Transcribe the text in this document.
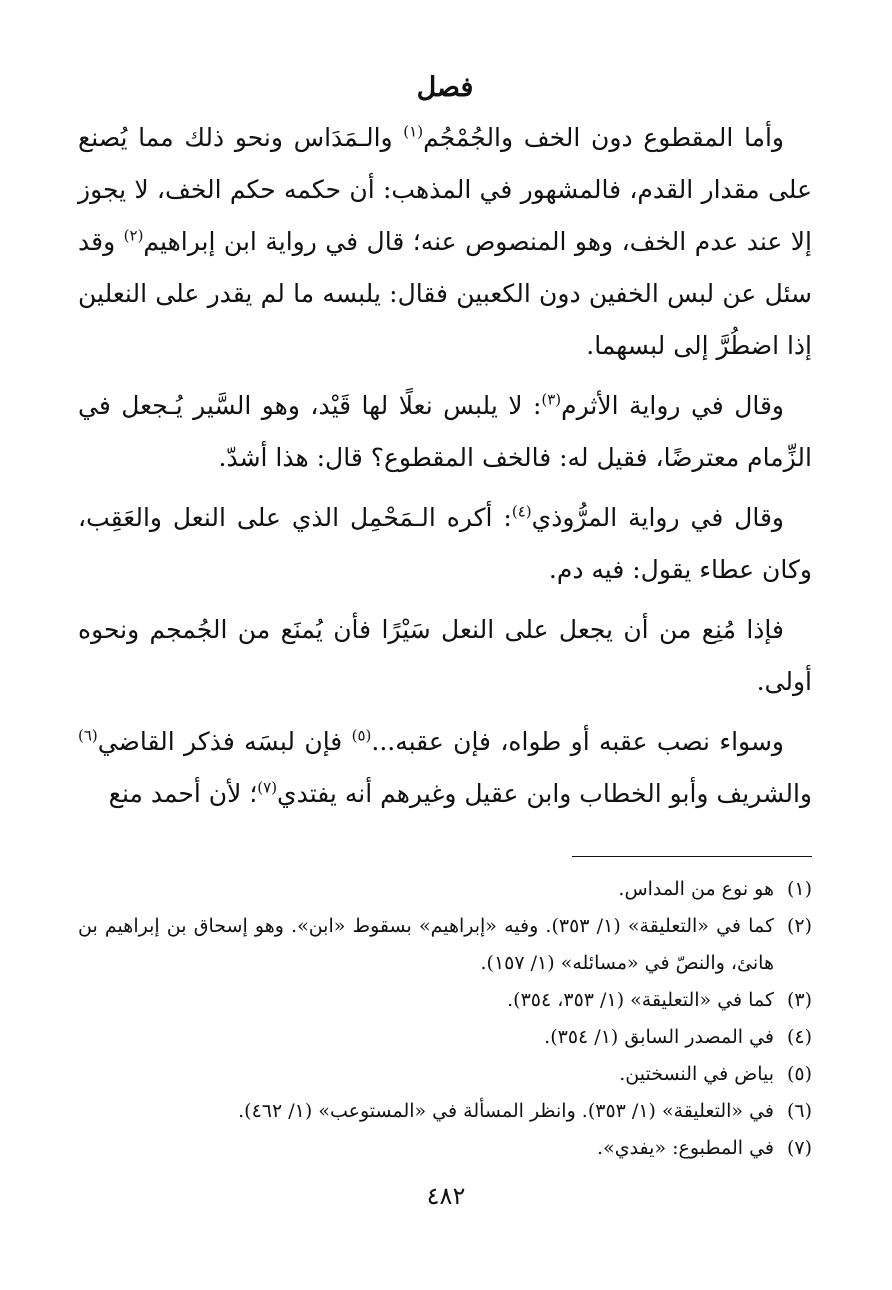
فصل

وأما المقطوع دون الخف والجُمْجُم$^{(١)}$ والـمَدَاس ونحو ذلك مما يُصنع على مقدار القدم، فالمشهور في المذهب: أن حكمه حكم الخف، لا يجوز إلا عند عدم الخف، وهو المنصوص عنه؛ قال في رواية ابن إبراهيم$^{(٢)}$ وقد سئل عن لبس الخفين دون الكعبين فقال: يلبسه ما لم يقدر على النعلين إذا اضطُرَّ إلى لبسهما.

وقال في رواية الأثرم$^{(٣)}$: لا يلبس نعلًا لها قَيْد، وهو السَّير يُـجعل في الزِّمام معترضًا، فقيل له: فالخف المقطوع؟ قال: هذا أشدّ.

وقال في رواية المرُّوذي$^{(٤)}$: أكره الـمَحْمِل الذي على النعل والعَقِب، وكان عطاء يقول: فيه دم.

فإذا مُنِع من أن يجعل على النعل سَيْرًا فأن يُمنَع من الجُمجم ونحوه أولى.

وسواء نصب عقبه أو طواه، فإن عقبه...$^{(٥)}$ فإن لبسَه فذكر القاضي$^{(٦)}$ والشريف وأبو الخطاب وابن عقيل وغيرهم أنه يفتدي$^{(٧)}$؛ لأن أحمد منع

(١)
هو نوع من المداس.
(٢)
كما في «التعليقة» (١/ ٣٥٣). وفيه «إبراهيم» بسقوط «ابن». وهو إسحاق بن إبراهيم بن هانئ، والنصّ في «مسائله» (١/ ١٥٧).
(٣)
كما في «التعليقة» (١/ ٣٥٣، ٣٥٤).
(٤)
في المصدر السابق (١/ ٣٥٤).
(٥)
بياض في النسختين.
(٦)
في «التعليقة» (١/ ٣٥٣). وانظر المسألة في «المستوعب» (١/ ٤٦٢).
(٧)
في المطبوع: «يفدي».
٤٨٢
